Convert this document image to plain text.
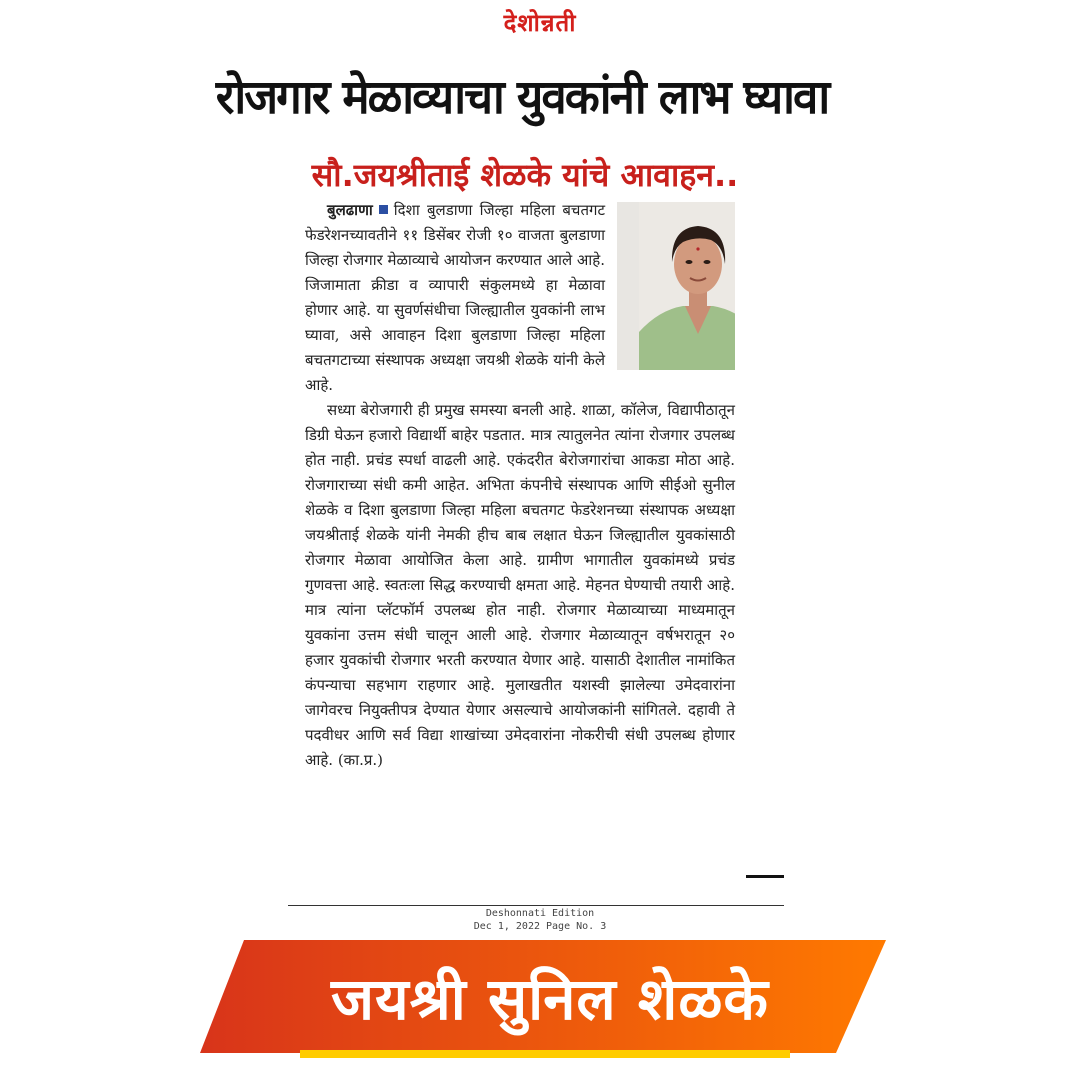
देशोन्नती
रोजगार मेळाव्याचा युवकांनी लाभ घ्यावा
सौ.जयश्रीताई शेळके यांचे आवाहन..

बुलढाणा दिशा बुलडाणा जिल्हा महिला बचतगट फेडरेशनच्यावतीने ११ डिसेंबर रोजी १० वाजता बुलडाणा जिल्हा रोजगार मेळाव्याचे आयोजन करण्यात आले आहे. जिजामाता क्रीडा व व्यापारी संकुलमध्ये हा मेळावा होणार आहे. या सुवर्णसंधीचा जिल्ह्यातील युवकांनी लाभ घ्यावा, असे आवाहन दिशा बुलडाणा जिल्हा महिला बचतगटाच्या संस्थापक अध्यक्षा जयश्री शेळके यांनी केले आहे.

सध्या बेरोजगारी ही प्रमुख समस्या बनली आहे. शाळा, कॉलेज, विद्यापीठातून डिग्री घेऊन हजारो विद्यार्थी बाहेर पडतात. मात्र त्यातुलनेत त्यांना रोजगार उपलब्ध होत नाही. प्रचंड स्पर्धा वाढली आहे. एकंदरीत बेरोजगारांचा आकडा मोठा आहे. रोजगाराच्या संधी कमी आहेत. अभिता कंपनीचे संस्थापक आणि सीईओ सुनील शेळके व दिशा बुलडाणा जिल्हा महिला बचतगट फेडरेशनच्या संस्थापक अध्यक्षा जयश्रीताई शेळके यांनी नेमकी हीच बाब लक्षात घेऊन जिल्ह्यातील युवकांसाठी रोजगार मेळावा आयोजित केला आहे. ग्रामीण भागातील युवकांमध्ये प्रचंड गुणवत्ता आहे. स्वतःला सिद्ध करण्याची क्षमता आहे. मेहनत घेण्याची तयारी आहे. मात्र त्यांना प्लॅटफॉर्म उपलब्ध होत नाही. रोजगार मेळाव्याच्या माध्यमातून युवकांना उत्तम संधी चालून आली आहे. रोजगार मेळाव्यातून वर्षभरातून २० हजार युवकांची रोजगार भरती करण्यात येणार आहे. यासाठी देशातील नामांकित कंपन्याचा सहभाग राहणार आहे. मुलाखतीत यशस्वी झालेल्या उमेदवारांना जागेवरच नियुक्तीपत्र देण्यात येणार असल्याचे आयोजकांनी सांगितले. दहावी ते पदवीधर आणि सर्व विद्या शाखांच्या उमेदवारांना नोकरीची संधी उपलब्ध होणार आहे. (का.प्र.)

Deshonnati Edition
Dec 1, 2022 Page No. 3
जयश्री सुनिल शेळके
